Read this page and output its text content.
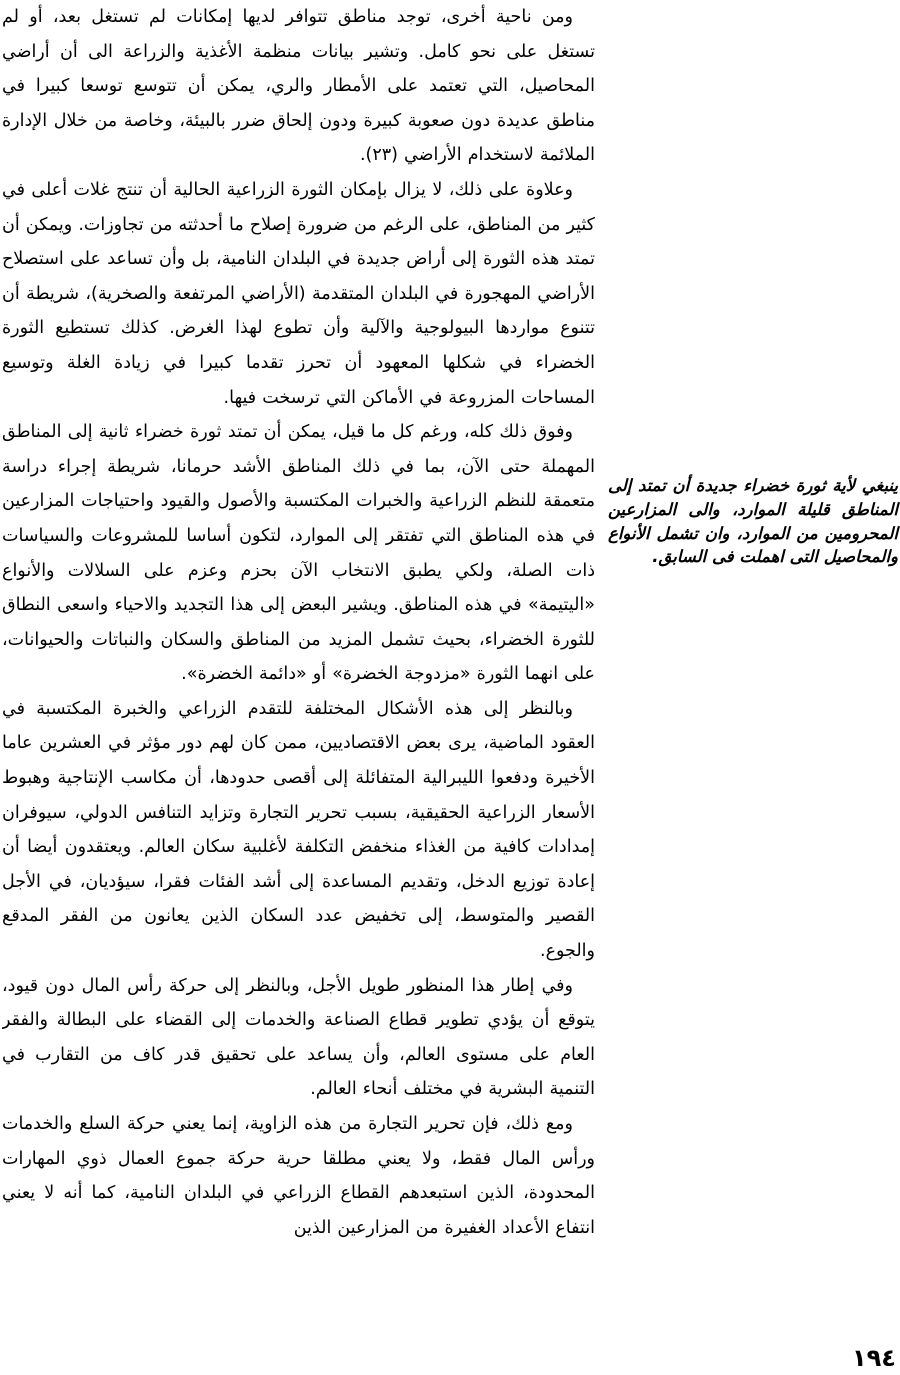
ومن ناحية أخرى، توجد مناطق تتوافر لديها إمكانات لم تستغل بعد، أو لم تستغل على نحو كامل. وتشير بيانات منظمة الأغذية والزراعة الى أن أراضي المحاصيل، التي تعتمد على الأمطار والري، يمكن أن تتوسع توسعا كبيرا في مناطق عديدة دون صعوبة كبيرة ودون إلحاق ضرر بالبيئة، وخاصة من خلال الإدارة الملائمة لاستخدام الأراضي (٢٣).

وعلاوة على ذلك، لا يزال بإمكان الثورة الزراعية الحالية أن تنتج غلات أعلى في كثير من المناطق، على الرغم من ضرورة إصلاح ما أحدثته من تجاوزات. ويمكن أن تمتد هذه الثورة إلى أراض جديدة في البلدان النامية، بل وأن تساعد على استصلاح الأراضي المهجورة في البلدان المتقدمة (الأراضي المرتفعة والصخرية)، شريطة أن تتنوع مواردها البيولوجية والآلية وأن تطوع لهذا الغرض. كذلك تستطيع الثورة الخضراء في شكلها المعهود أن تحرز تقدما كبيرا في زيادة الغلة وتوسيع المساحات المزروعة في الأماكن التي ترسخت فيها.

وفوق ذلك كله، ورغم كل ما قيل، يمكن أن تمتد ثورة خضراء ثانية إلى المناطق المهملة حتى الآن، بما في ذلك المناطق الأشد حرمانا، شريطة إجراء دراسة متعمقة للنظم الزراعية والخبرات المكتسبة والأصول والقيود واحتياجات المزارعين في هذه المناطق التي تفتقر إلى الموارد، لتكون أساسا للمشروعات والسياسات ذات الصلة، ولكي يطبق الانتخاب الآن بحزم وعزم على السلالات والأنواع «اليتيمة» في هذه المناطق. ويشير البعض إلى هذا التجديد والاحياء واسعى النطاق للثورة الخضراء، بحيث تشمل المزيد من المناطق والسكان والنباتات والحيوانات، على انهما الثورة «مزدوجة الخضرة» أو «دائمة الخضرة».

وبالنظر إلى هذه الأشكال المختلفة للتقدم الزراعي والخبرة المكتسبة في العقود الماضية، يرى بعض الاقتصاديين، ممن كان لهم دور مؤثر في العشرين عاما الأخيرة ودفعوا الليبرالية المتفائلة إلى أقصى حدودها، أن مكاسب الإنتاجية وهبوط الأسعار الزراعية الحقيقية، بسبب تحرير التجارة وتزايد التنافس الدولي، سيوفران إمدادات كافية من الغذاء منخفض التكلفة لأغلبية سكان العالم. ويعتقدون أيضا أن إعادة توزيع الدخل، وتقديم المساعدة إلى أشد الفئات فقرا، سيؤديان، في الأجل القصير والمتوسط، إلى تخفيض عدد السكان الذين يعانون من الفقر المدقع والجوع.

وفي إطار هذا المنظور طويل الأجل، وبالنظر إلى حركة رأس المال دون قيود، يتوقع أن يؤدي تطوير قطاع الصناعة والخدمات إلى القضاء على البطالة والفقر العام على مستوى العالم، وأن يساعد على تحقيق قدر كاف من التقارب في التنمية البشرية في مختلف أنحاء العالم.

ومع ذلك، فإن تحرير التجارة من هذه الزاوية، إنما يعني حركة السلع والخدمات ورأس المال فقط، ولا يعني مطلقا حرية حركة جموع العمال ذوي المهارات المحدودة، الذين استبعدهم القطاع الزراعي في البلدان النامية، كما أنه لا يعني انتفاع الأعداد الغفيرة من المزارعين الذين

ينبغي لأية ثورة خضراء جديدة أن تمتد إلى المناطق قليلة الموارد، والى المزارعين المحرومين من الموارد، وان تشمل الأنواع والمحاصيل التى اهملت فى السابق.
١٩٤
